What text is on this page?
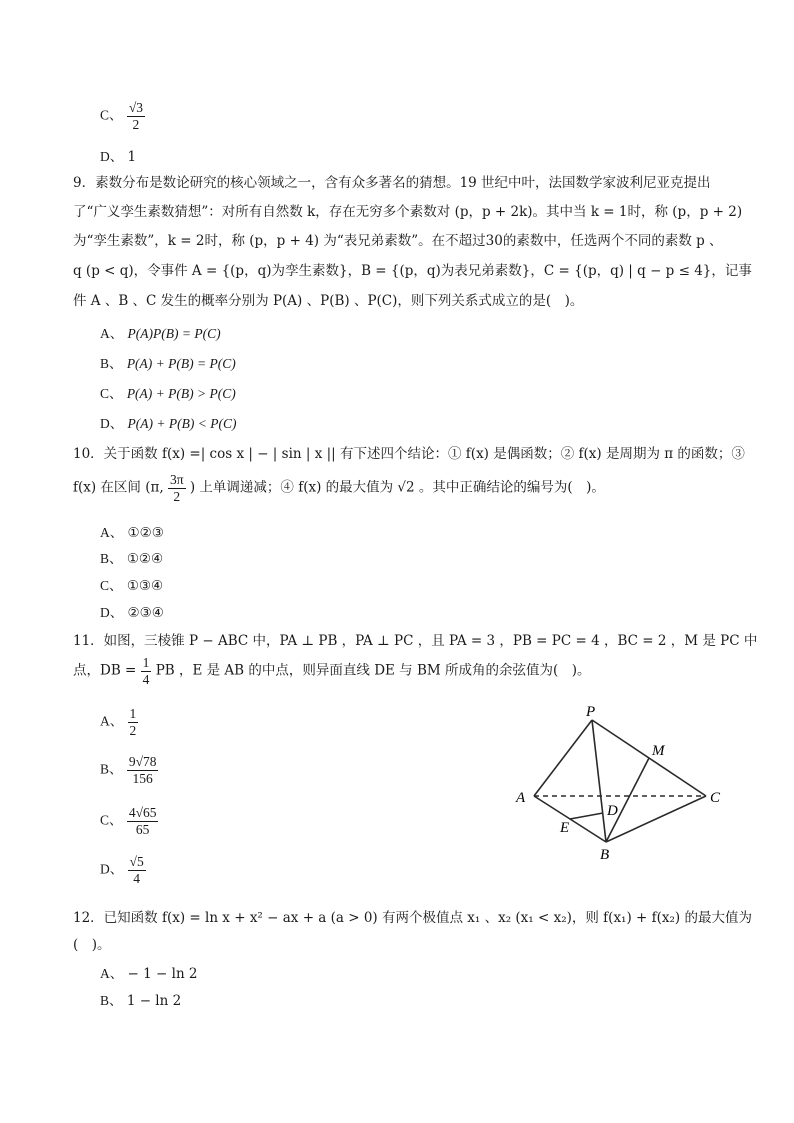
C、 $\frac{√3}{2}$
D、 1
9．素数分布是数论研究的核心领域之一，含有众多著名的猜想。19 世纪中叶，法国数学家波利尼亚克提出
了“广义孪生素数猜想”：对所有自然数 k，存在无穷多个素数对 (p，p + 2k)。其中当 k = 1时，称 (p，p + 2)
为“孪生素数”，k = 2时，称 (p，p + 4) 为“表兄弟素数”。在不超过30的素数中，任选两个不同的素数 p 、
q (p < q)，令事件 A = {(p，q)为孪生素数}，B = {(p，q)为表兄弟素数}，C = {(p，q) | q − p ≤ 4}，记事
件 A 、B 、C 发生的概率分别为 P(A) 、P(B) 、P(C)，则下列关系式成立的是(　)。
A、 P(A)P(B) = P(C)
B、 P(A) + P(B) = P(C)
C、 P(A) + P(B) > P(C)
D、 P(A) + P(B) < P(C)
10．关于函数 f(x) =| cos x | − | sin | x || 有下述四个结论：① f(x) 是偶函数；② f(x) 是周期为 π 的函数；③
f(x) 在区间 (π, $\frac{3\pi}{2}$ ) 上单调递减；④ f(x) 的最大值为 √2 。其中正确结论的编号为(　)。
A、 ①②③
B、 ①②④
C、 ①③④
D、 ②③④
11．如图，三棱锥 P − ABC 中，PA ⊥ PB ，PA ⊥ PC ，且 PA = 3 ，PB = PC = 4 ，BC = 2 ，M 是 PC 中
点，DB = $\frac{1}{4}$ PB ，E 是 AB 的中点，则异面直线 DE 与 BM 所成角的余弦值为(　)。
A、 $\frac{1}{2}$
B、 $\frac{9√78}{156}$
C、 $\frac{4√65}{65}$
D、 $\frac{√5}{4}$
P
M
A	C
D
E
B
12．已知函数 f(x) = ln x + x² − ax + a (a > 0) 有两个极值点 x₁ 、x₂ (x₁ < x₂)，则 f(x₁) + f(x₂) 的最大值为
(　)。
A、 − 1 − ln 2
B、 1 − ln 2
